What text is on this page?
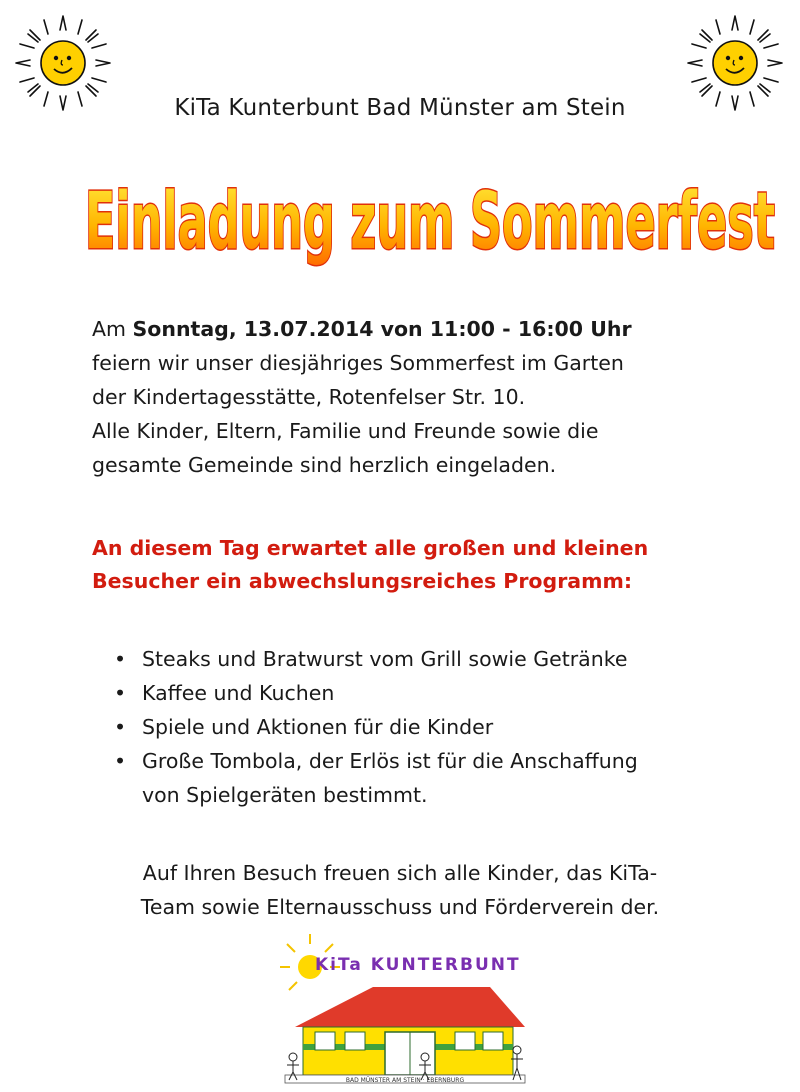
KiTa Kunterbunt Bad Münster am Stein
Einladung zum Sommerfest

Am Sonntag, 13.07.2014 von 11:00 - 16:00 Uhr

feiern wir unser diesjähriges Sommerfest im Garten

der Kindertagesstätte, Rotenfelser Str. 10.

Alle Kinder, Eltern, Familie und Freunde sowie die

gesamte Gemeinde sind herzlich eingeladen.

An diesem Tag erwartet alle großen und kleinen

Besucher ein abwechslungsreiches Programm:

• Steaks und Bratwurst vom Grill sowie Getränke
• Kaffee und Kuchen
• Spiele und Aktionen für die Kinder
• Große Tombola, der Erlös ist für die Anschaffung
von Spielgeräten bestimmt.

Auf Ihren Besuch freuen sich alle Kinder, das KiTa-

Team sowie Elternausschuss und Förderverein der.

KiTa KUNTERBUNT
BAD MÜNSTER AM STEIN · EBERNBURG
